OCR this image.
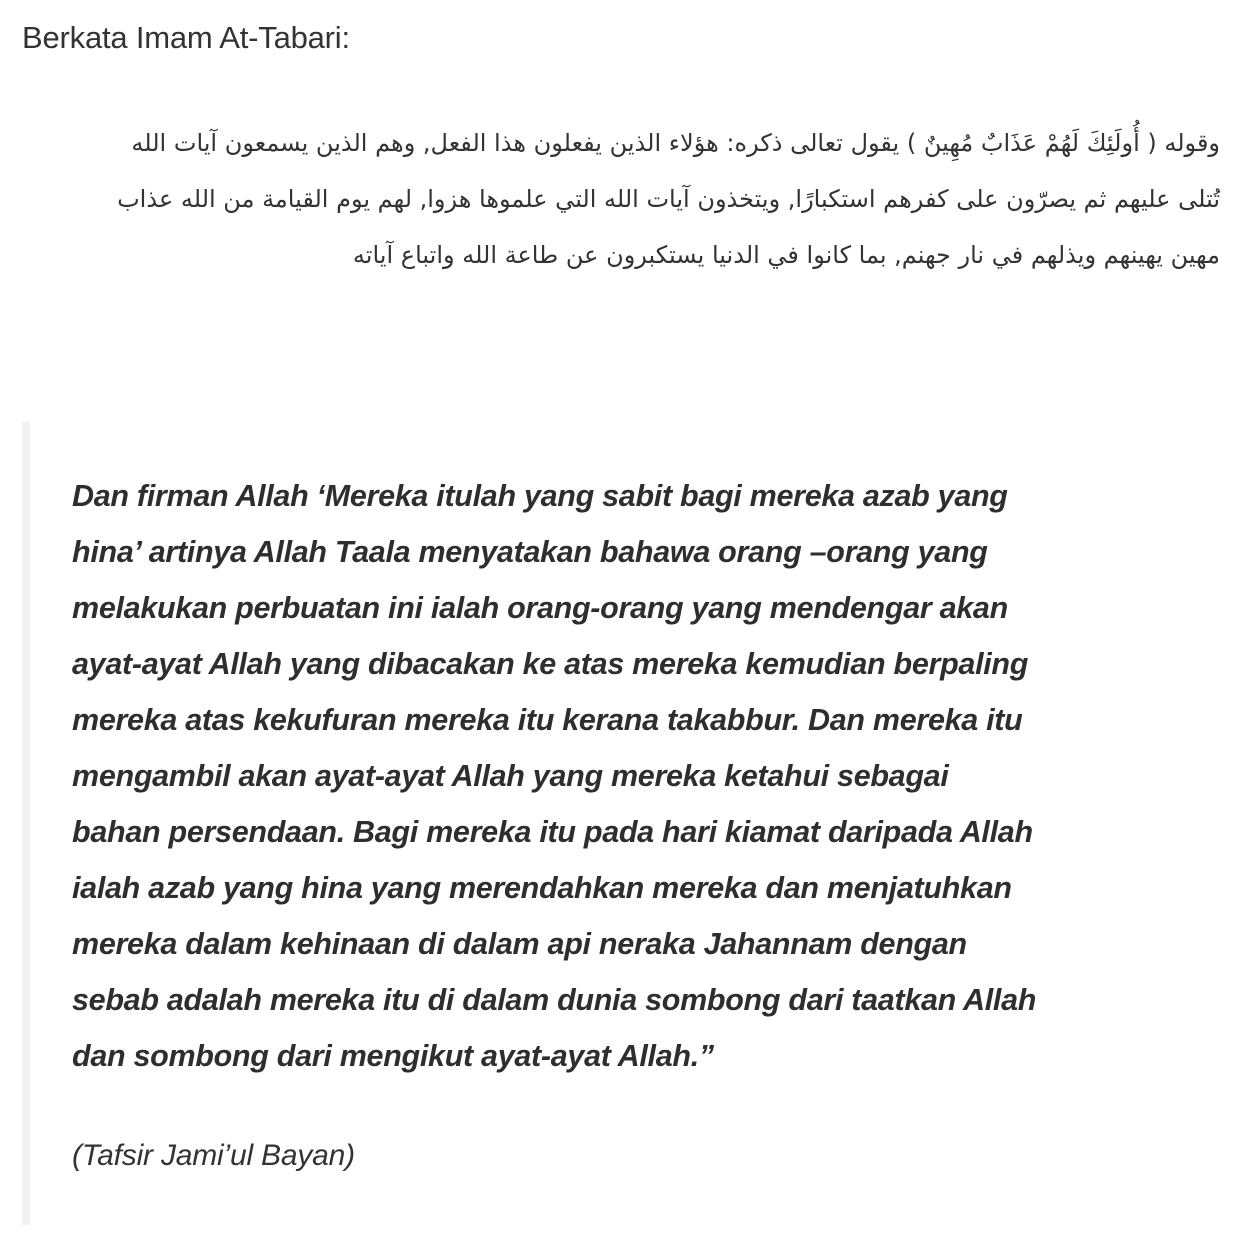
Berkata Imam At-Tabari:

وقوله ( أُولَئِكَ لَهُمْ عَذَابٌ مُهِينٌ ) يقول تعالى ذكره: هؤلاء الذين يفعلون هذا الفعل, وهم الذين يسمعون آيات الله
تُتلى عليهم ثم يصرّون على كفرهم استكبارًا, ويتخذون آيات الله التي علموها هزوا, لهم يوم القيامة من الله عذاب
مهين يهينهم ويذلهم في نار جهنم, بما كانوا في الدنيا يستكبرون عن طاعة الله واتباع آياته

Dan firman Allah ‘Mereka itulah yang sabit bagi mereka azab yang
hina’ artinya Allah Taala menyatakan bahawa orang –orang yang
melakukan perbuatan ini ialah orang-orang yang mendengar akan
ayat-ayat Allah yang dibacakan ke atas mereka kemudian berpaling
mereka atas kekufuran mereka itu kerana takabbur. Dan mereka itu
mengambil akan ayat-ayat Allah yang mereka ketahui sebagai
bahan persendaan. Bagi mereka itu pada hari kiamat daripada Allah
ialah azab yang hina yang merendahkan mereka dan menjatuhkan
mereka dalam kehinaan di dalam api neraka Jahannam dengan
sebab adalah mereka itu di dalam dunia sombong dari taatkan Allah
dan sombong dari mengikut ayat-ayat Allah.”

(Tafsir Jami’ul Bayan)
